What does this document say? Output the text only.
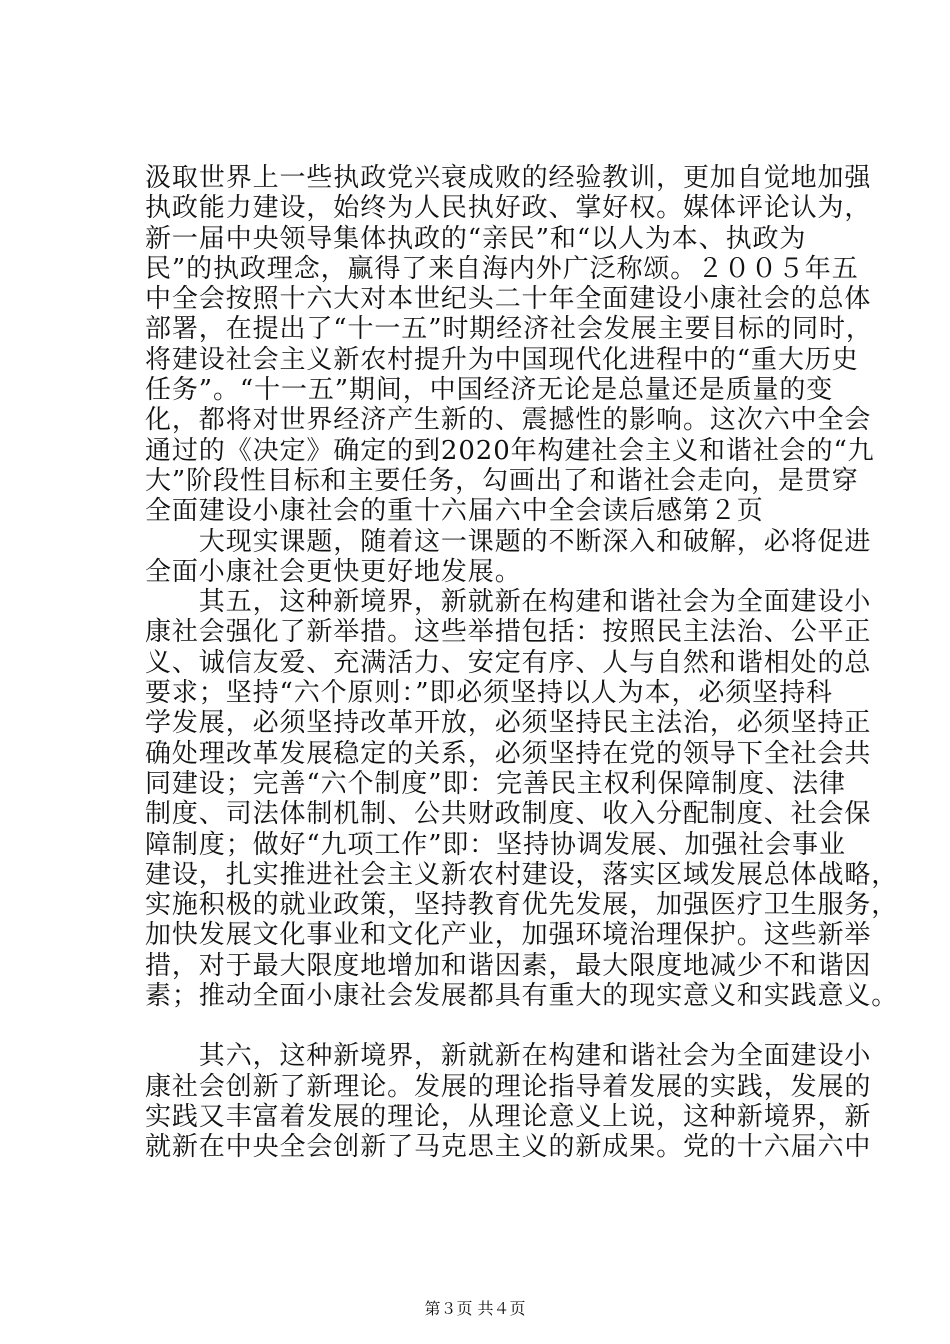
汲取世界上一些执政党兴衰成败的经验教训，更加自觉地加强
执政能力建设，始终为人民执好政、掌好权。媒体评论认为，
新一届中央领导集体执政的“亲民”和“以人为本、执政为
民”的执政理念，赢得了来自海内外广泛称颂。２００５年五
中全会按照十六大对本世纪头二十年全面建设小康社会的总体
部署，在提出了“十一五”时期经济社会发展主要目标的同时，
将建设社会主义新农村提升为中国现代化进程中的“重大历史
任务”。“十一五”期间，中国经济无论是总量还是质量的变
化，都将对世界经济产生新的、震撼性的影响。这次六中全会
通过的《决定》确定的到2020年构建社会主义和谐社会的“九
大”阶段性目标和主要任务，勾画出了和谐社会走向，是贯穿
全面建设小康社会的重十六届六中全会读后感第２页
　　大现实课题，随着这一课题的不断深入和破解，必将促进
全面小康社会更快更好地发展。
　　其五，这种新境界，新就新在构建和谐社会为全面建设小
康社会强化了新举措。这些举措包括：按照民主法治、公平正
义、诚信友爱、充满活力、安定有序、人与自然和谐相处的总
要求；坚持“六个原则：”即必须坚持以人为本，必须坚持科
学发展，必须坚持改革开放，必须坚持民主法治，必须坚持正
确处理改革发展稳定的关系，必须坚持在党的领导下全社会共
同建设；完善“六个制度”即：完善民主权利保障制度、法律
制度、司法体制机制、公共财政制度、收入分配制度、社会保
障制度；做好“九项工作”即：坚持协调发展、加强社会事业
建设，扎实推进社会主义新农村建设，落实区域发展总体战略，
实施积极的就业政策，坚持教育优先发展，加强医疗卫生服务，
加快发展文化事业和文化产业，加强环境治理保护。这些新举
措，对于最大限度地增加和谐因素，最大限度地减少不和谐因
素；推动全面小康社会发展都具有重大的现实意义和实践意义。
　　其六，这种新境界，新就新在构建和谐社会为全面建设小
康社会创新了新理论。发展的理论指导着发展的实践，发展的
实践又丰富着发展的理论，从理论意义上说，这种新境界，新
就新在中央全会创新了马克思主义的新成果。党的十六届六中
第３页 共４页
